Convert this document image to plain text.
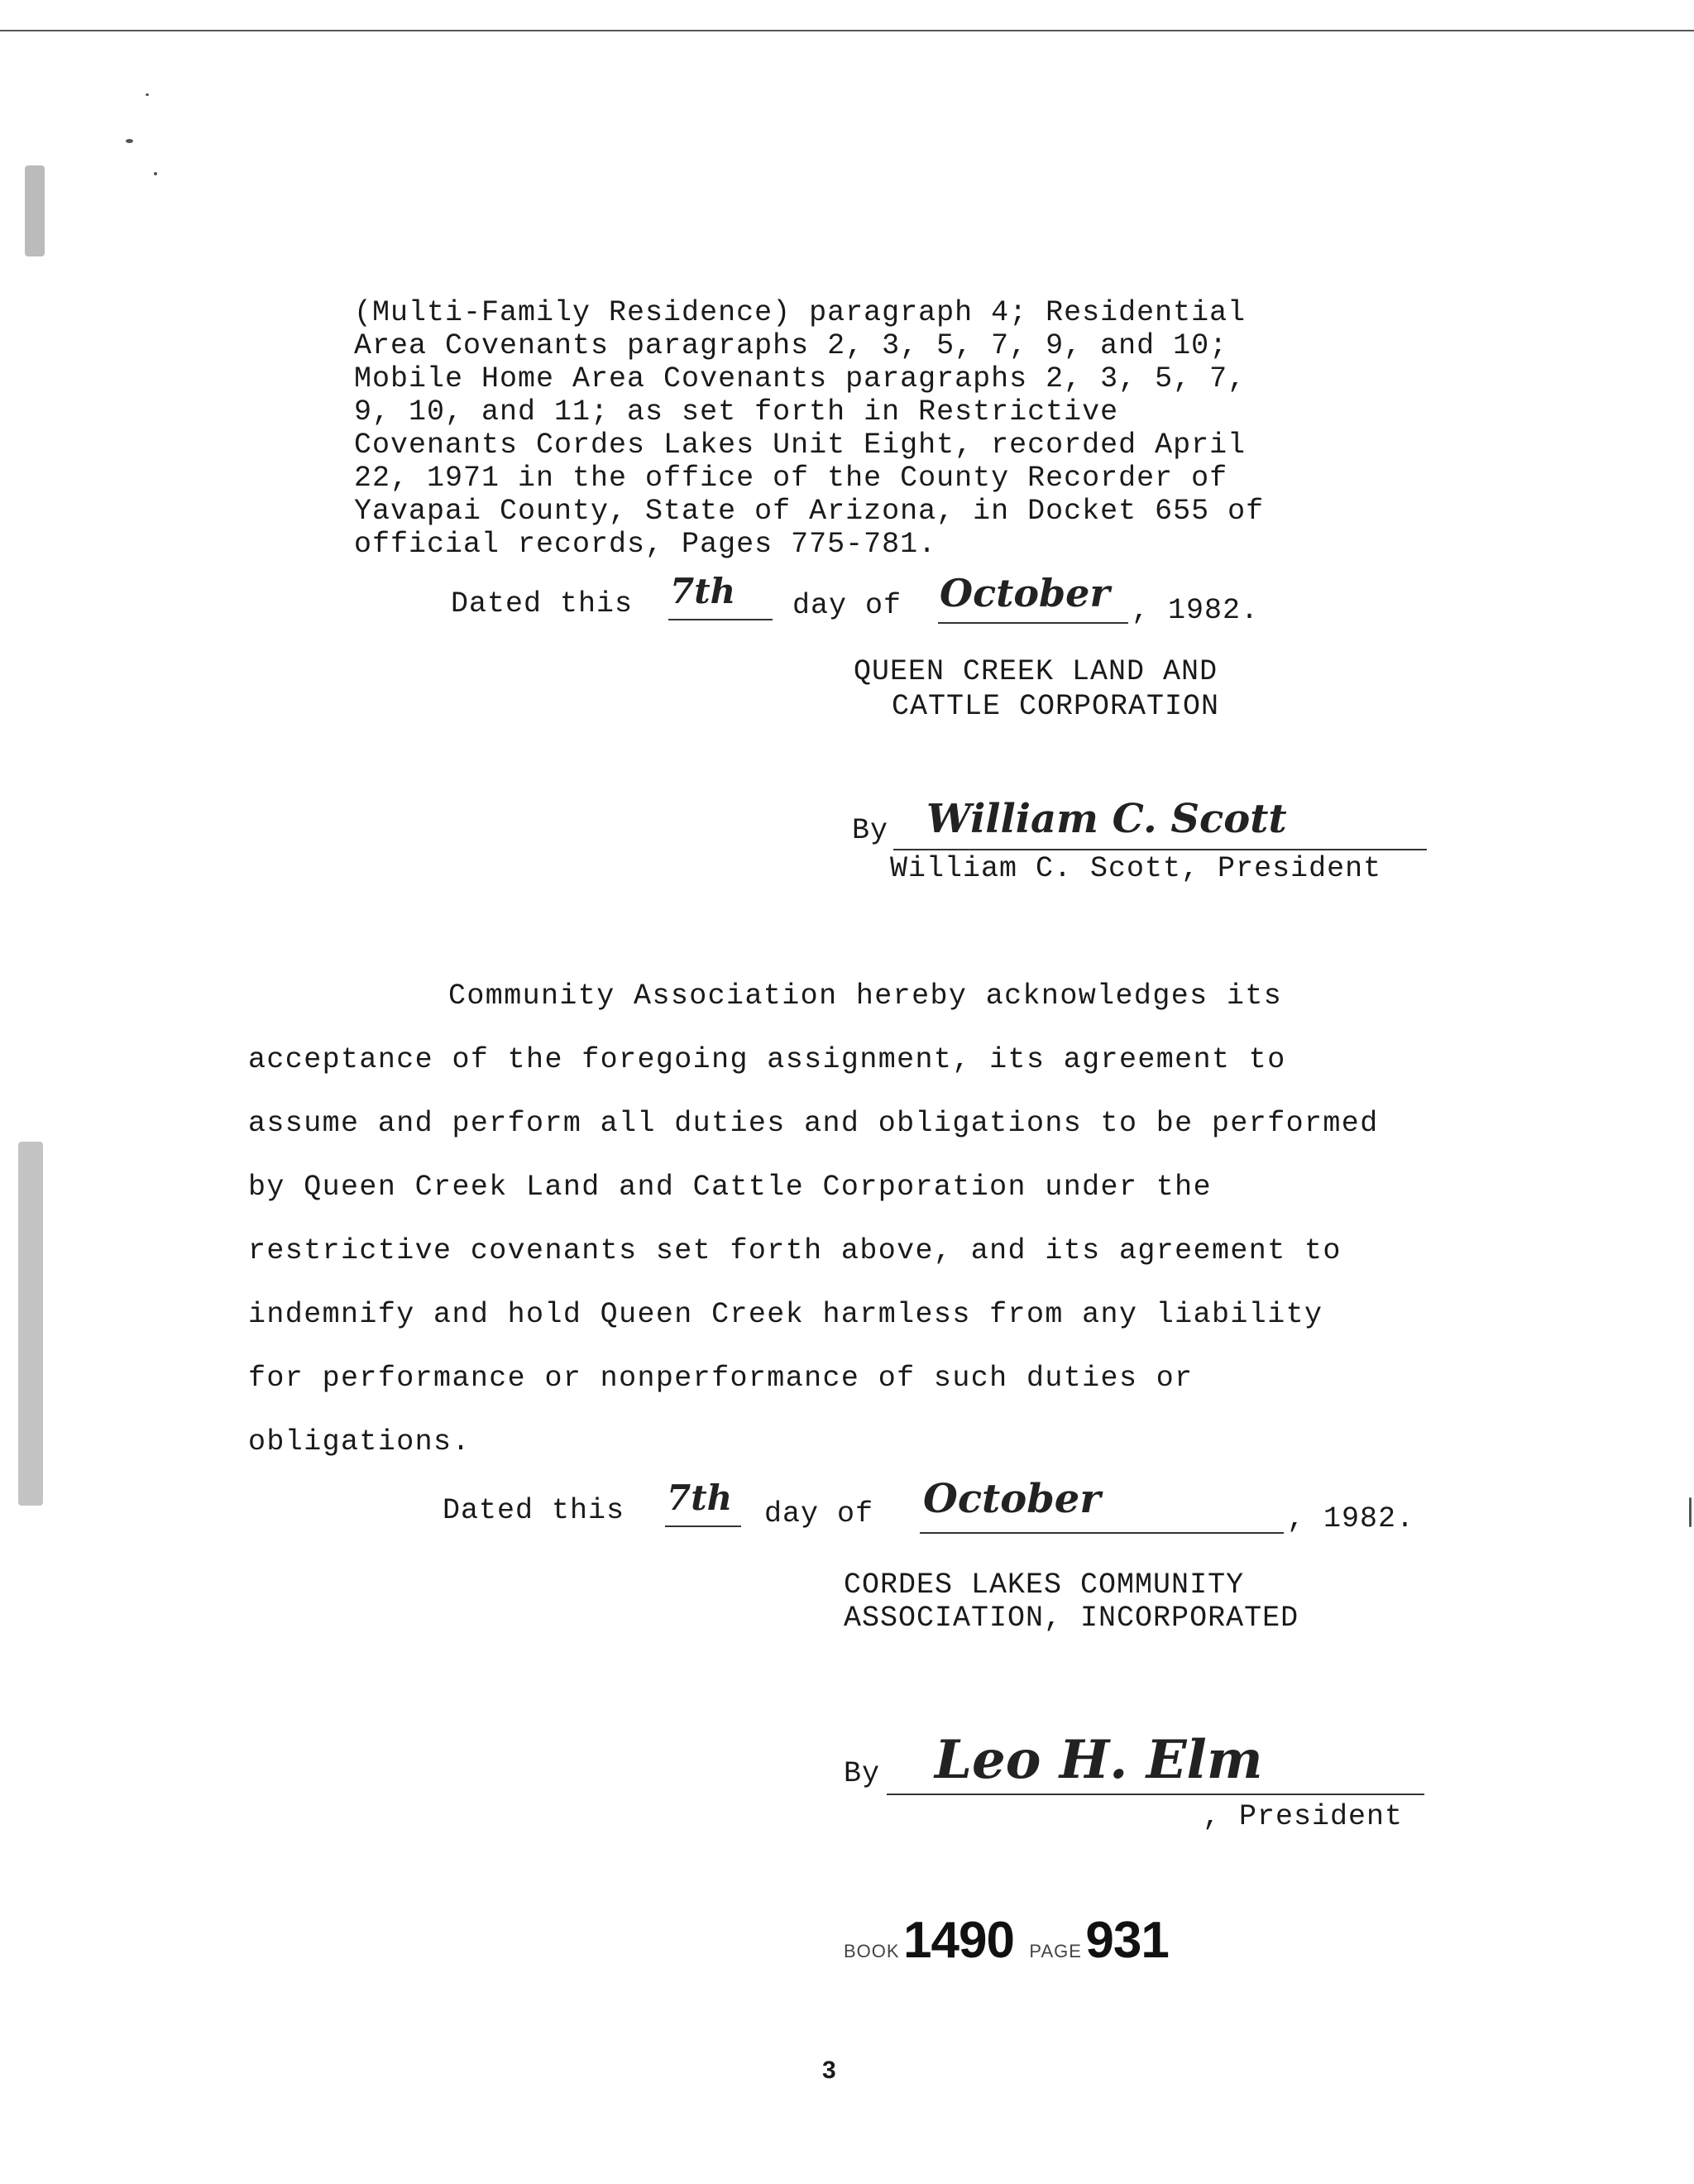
(Multi-Family Residence) paragraph 4; Residential
Area Covenants paragraphs 2, 3, 5, 7, 9, and 10;
Mobile Home Area Covenants paragraphs 2, 3, 5, 7,
9, 10, and 11; as set forth in Restrictive
Covenants Cordes Lakes Unit Eight, recorded April
22, 1971 in the office of the County Recorder of
Yavapai County, State of Arizona, in Docket 655 of
official records, Pages 775-781.
Dated this 7th day of October , 1982.
QUEEN CREEK LAND AND
CATTLE CORPORATION
By William C. Scott
William C. Scott, President
Community Association hereby acknowledges its
acceptance of the foregoing assignment, its agreement to
assume and perform all duties and obligations to be performed
by Queen Creek Land and Cattle Corporation under the
restrictive covenants set forth above, and its agreement to
indemnify and hold Queen Creek harmless from any liability
for performance or nonperformance of such duties or
obligations.
Dated this 7th day of October	, 1982.
CORDES LAKES COMMUNITY
ASSOCIATION, INCORPORATED
By Leo H. Elm
, President
BOOK 1490 PAGE 931
3
